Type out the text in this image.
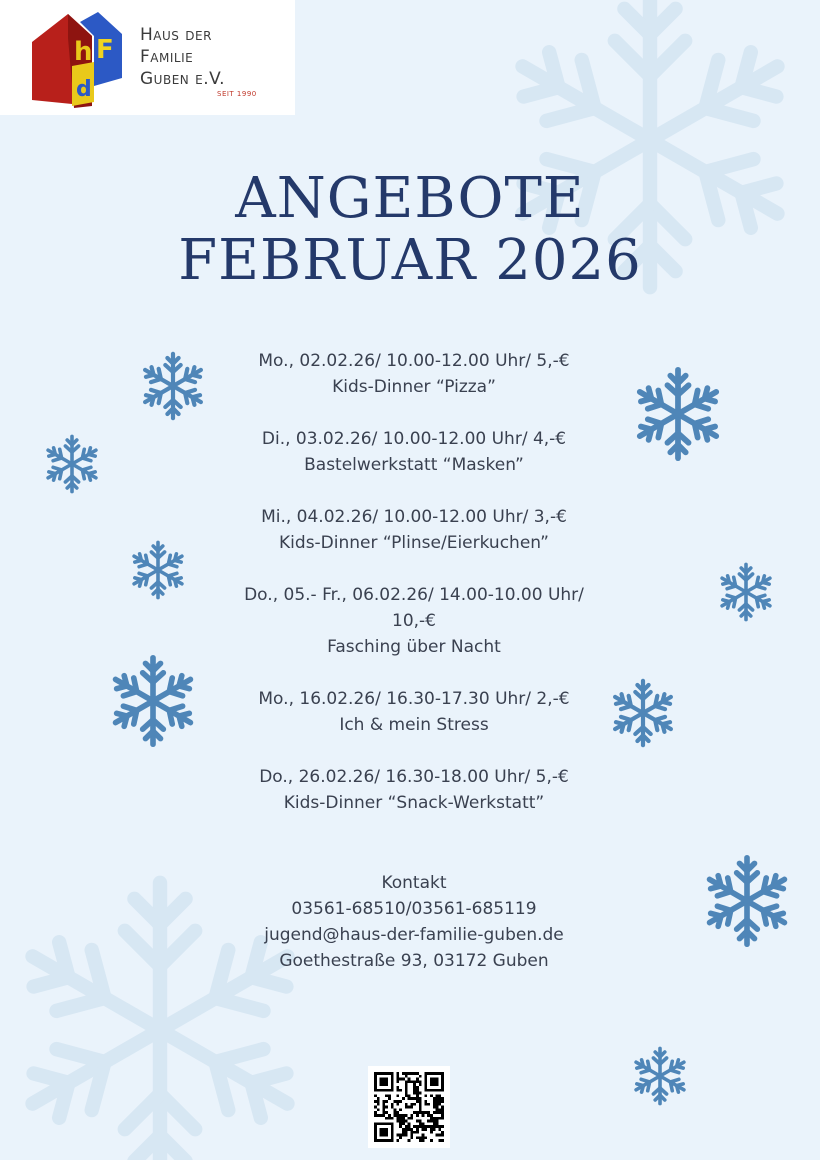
h F
d
Haus der
Familie
Guben e.V.
SEIT 1990
ANGEBOTE
FEBRUAR 2026
Mo., 02.02.26/ 10.00-12.00 Uhr/ 5,-€
Kids-Dinner “Pizza”
Di., 03.02.26/ 10.00-12.00 Uhr/ 4,-€
Bastelwerkstatt “Masken”
Mi., 04.02.26/ 10.00-12.00 Uhr/ 3,-€
Kids-Dinner “Plinse/Eierkuchen”
Do., 05.- Fr., 06.02.26/ 14.00-10.00 Uhr/
10,-€
Fasching über Nacht
Mo., 16.02.26/ 16.30-17.30 Uhr/ 2,-€
Ich & mein Stress
Do., 26.02.26/ 16.30-18.00 Uhr/ 5,-€
Kids-Dinner “Snack-Werkstatt”
Kontakt
03561-68510/03561-685119
jugend@haus-der-familie-guben.de
Goethestraße 93, 03172 Guben
